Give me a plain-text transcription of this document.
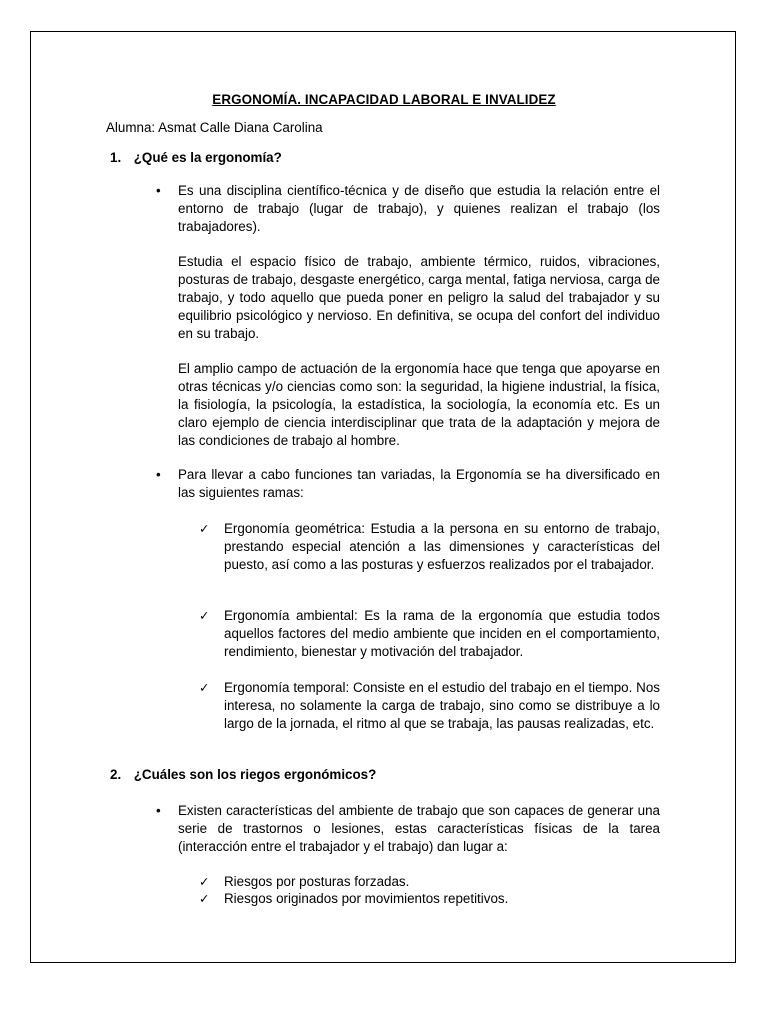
ERGONOMÍA. INCAPACIDAD LABORAL E INVALIDEZ
Alumna: Asmat Calle Diana Carolina
1. ¿Qué es la ergonomía?
• Es una disciplina científico-técnica y de diseño que estudia la relación entre el entorno de trabajo (lugar de trabajo), y quienes realizan el trabajo (los trabajadores).
Estudia el espacio físico de trabajo, ambiente térmico, ruidos, vibraciones, posturas de trabajo, desgaste energético, carga mental, fatiga nerviosa, carga de trabajo, y todo aquello que pueda poner en peligro la salud del trabajador y su equilibrio psicológico y nervioso. En definitiva, se ocupa del confort del individuo en su trabajo.
El amplio campo de actuación de la ergonomía hace que tenga que apoyarse en otras técnicas y/o ciencias como son: la seguridad, la higiene industrial, la física, la fisiología, la psicología, la estadística, la sociología, la economía etc. Es un claro ejemplo de ciencia interdisciplinar que trata de la adaptación y mejora de las condiciones de trabajo al hombre.
• Para llevar a cabo funciones tan variadas, la Ergonomía se ha diversificado en las siguientes ramas:
✓ Ergonomía geométrica: Estudia a la persona en su entorno de trabajo, prestando especial atención a las dimensiones y características del puesto, así como a las posturas y esfuerzos realizados por el trabajador.
✓ Ergonomía ambiental: Es la rama de la ergonomía que estudia todos aquellos factores del medio ambiente que inciden en el comportamiento, rendimiento, bienestar y motivación del trabajador.
✓ Ergonomía temporal: Consiste en el estudio del trabajo en el tiempo. Nos interesa, no solamente la carga de trabajo, sino como se distribuye a lo largo de la jornada, el ritmo al que se trabaja, las pausas realizadas, etc.
2. ¿Cuáles son los riegos ergonómicos?
• Existen características del ambiente de trabajo que son capaces de generar una serie de trastornos o lesiones, estas características físicas de la tarea (interacción entre el trabajador y el trabajo) dan lugar a:
✓ Riesgos por posturas forzadas.
✓ Riesgos originados por movimientos repetitivos.
